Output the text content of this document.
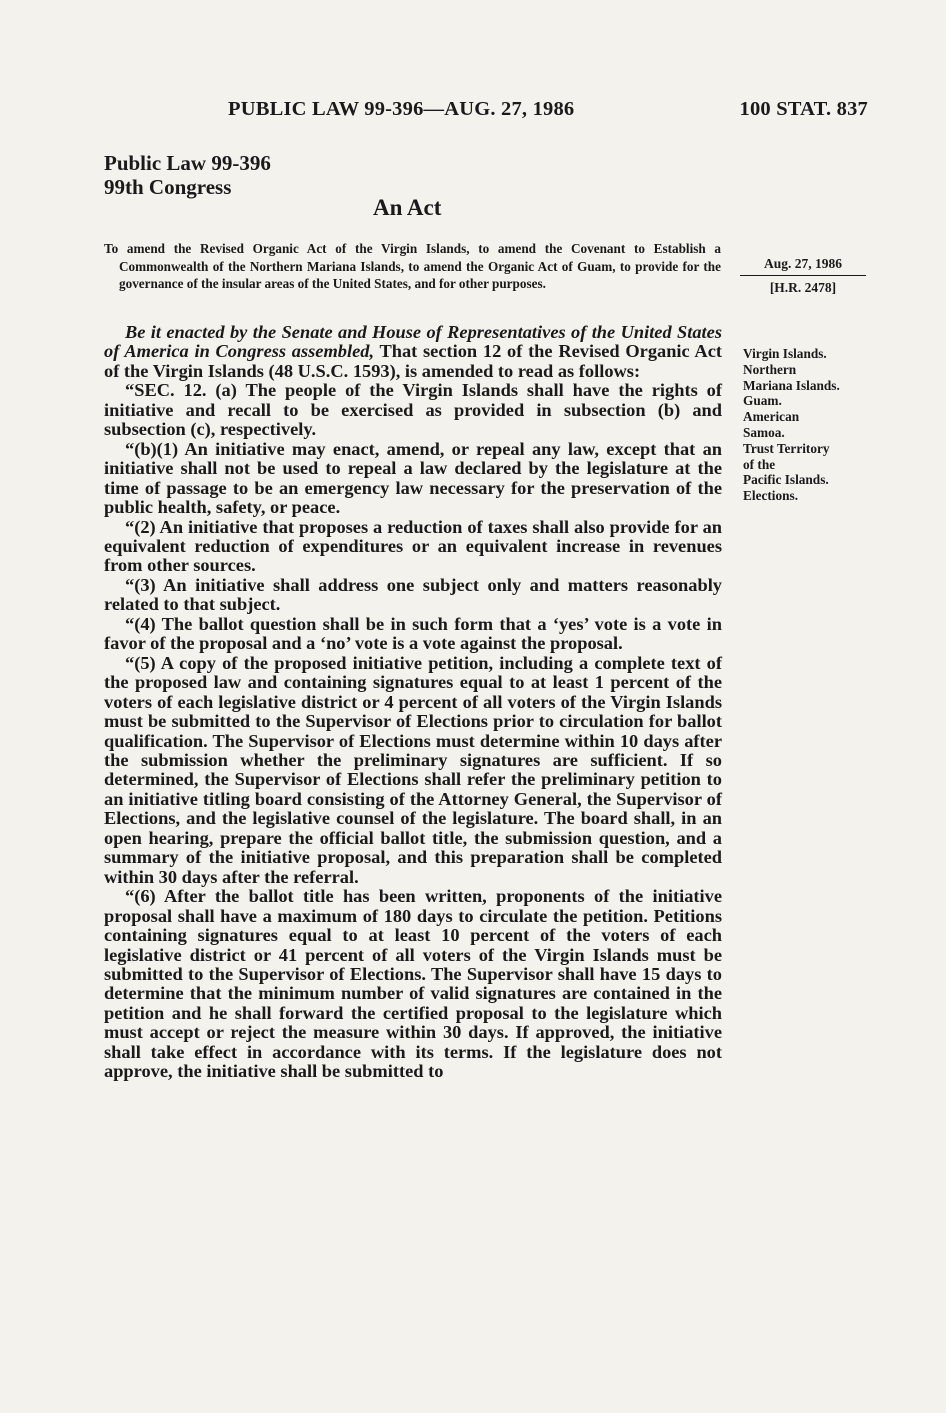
PUBLIC LAW 99-396—AUG. 27, 1986	100 STAT. 837
Public Law 99-396
99th Congress
An Act
To amend the Revised Organic Act of the Virgin Islands, to amend the Covenant to Establish a Commonwealth of the Northern Mariana Islands, to amend the Organic Act of Guam, to provide for the governance of the insular areas of the United States, and for other purposes.
Aug. 27, 1986
[H.R. 2478]
Virgin Islands.
Northern
Mariana Islands.
Guam.
American
Samoa.
Trust Territory
of the
Pacific Islands.
Elections.

Be it enacted by the Senate and House of Representatives of the United States of America in Congress assembled, That section 12 of the Revised Organic Act of the Virgin Islands (48 U.S.C. 1593), is amended to read as follows:

“SEC. 12. (a) The people of the Virgin Islands shall have the rights of initiative and recall to be exercised as provided in subsection (b) and subsection (c), respectively.

“(b)(1) An initiative may enact, amend, or repeal any law, except that an initiative shall not be used to repeal a law declared by the legislature at the time of passage to be an emergency law necessary for the preservation of the public health, safety, or peace.

“(2) An initiative that proposes a reduction of taxes shall also provide for an equivalent reduction of expenditures or an equivalent increase in revenues from other sources.

“(3) An initiative shall address one subject only and matters reasonably related to that subject.

“(4) The ballot question shall be in such form that a ‘yes’ vote is a vote in favor of the proposal and a ‘no’ vote is a vote against the proposal.

“(5) A copy of the proposed initiative petition, including a complete text of the proposed law and containing signatures equal to at least 1 percent of the voters of each legislative district or 4 percent of all voters of the Virgin Islands must be submitted to the Supervisor of Elections prior to circulation for ballot qualification. The Supervisor of Elections must determine within 10 days after the submission whether the preliminary signatures are sufficient. If so determined, the Supervisor of Elections shall refer the preliminary petition to an initiative titling board consisting of the Attorney General, the Supervisor of Elections, and the legislative counsel of the legislature. The board shall, in an open hearing, prepare the official ballot title, the submission question, and a summary of the initiative proposal, and this preparation shall be completed within 30 days after the referral.

“(6) After the ballot title has been written, proponents of the initiative proposal shall have a maximum of 180 days to circulate the petition. Petitions containing signatures equal to at least 10 percent of the voters of each legislative district or 41 percent of all voters of the Virgin Islands must be submitted to the Supervisor of Elections. The Supervisor shall have 15 days to determine that the minimum number of valid signatures are contained in the petition and he shall forward the certified proposal to the legislature which must accept or reject the measure within 30 days. If approved, the initiative shall take effect in accordance with its terms. If the legislature does not approve, the initiative shall be submitted to
